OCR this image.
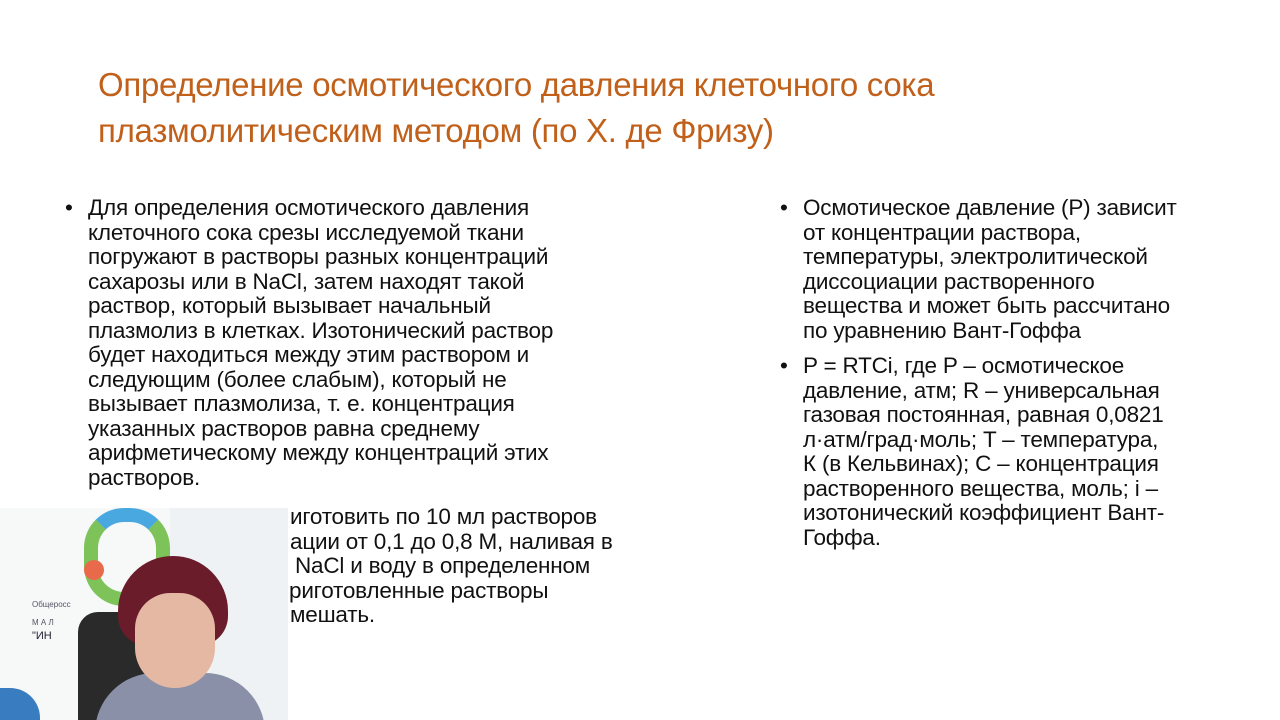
Определение осмотического давления клеточного сока
плазмолитическим методом (по Х. де Фризу)
• Для определения осмотического давления
клеточного сока срезы исследуемой ткани
погружают в растворы разных концентраций
сахарозы или в NaCl, затем находят такой
раствор, который вызывает начальный
плазмолиз в клетках. Изотонический раствор
будет находиться между этим раствором и
следующим (более слабым), который не
вызывает плазмолиза, т. е. концентрация
указанных растворов равна среднему
арифметическому между концентраций этих
растворов.
иготовить по 10 мл растворов
ации от 0,1 до 0,8 М, наливая в
NaCl и воду в определенном
риготовленные растворы
мешать.
• Осмотическое давление (P) зависит
от концентрации раствора,
температуры, электролитической
диссоциации растворенного
вещества и может быть рассчитано
по уравнению Вант-Гоффа
• P = RTCi, где P – осмотическое
давление, атм; R – универсальная
газовая постоянная, равная 0,0821
л·атм/град·моль; T – температура,
К (в Кельвинах); С – концентрация
растворенного вещества, моль; i –
изотонический коэффициент Вант-
Гоффа.
Общеросс
М А Л
"ИН
